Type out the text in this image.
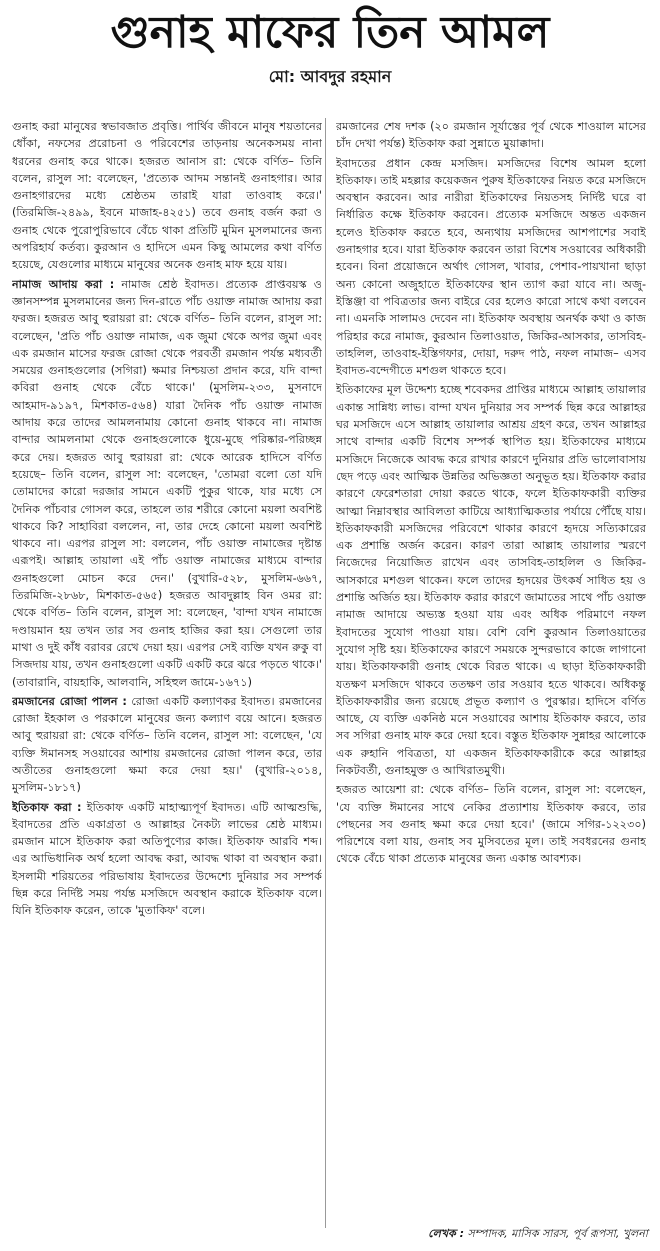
গুনাহ মাফের তিন আমল
মো: আবদুর রহমান

গুনাহ করা মানুষের স্বভাবজাত প্রবৃত্তি। পার্থিব জীবনে মানুষ শয়তানের ধোঁকা, নফসের প্ররোচনা ও পরিবেশের তাড়নায় অনেকসময় নানা ধরনের গুনাহ করে থাকে। হজরত আনাস রা: থেকে বর্ণিত– তিনি বলেন, রাসুল সা: বলেছেন, 'প্রত্যেক আদম সন্তানই গুনাহগার। আর গুনাহগারদের মধ্যে শ্রেষ্ঠতম তারাই যারা তাওবাহ করে।' (তিরমিজি-২৪৯৯, ইবনে মাজাহ-৪২৫১) তবে গুনাহ বর্জন করা ও গুনাহ থেকে পুরোপুরিভাবে বেঁচে থাকা প্রতিটি মুমিন মুসলমানের জন্য অপরিহার্য কর্তব্য। কুরআন ও হাদিসে এমন কিছু আমলের কথা বর্ণিত হয়েছে, যেগুলোর মাধ্যমে মানুষের অনেক গুনাহ মাফ হয়ে যায়।

নামাজ আদায় করা : নামাজ শ্রেষ্ঠ ইবাদত। প্রত্যেক প্রাপ্তবয়স্ক ও জ্ঞানসম্পন্ন মুসলমানের জন্য দিন-রাতে পাঁচ ওয়াক্ত নামাজ আদায় করা ফরজ। হজরত আবু হুরায়রা রা: থেকে বর্ণিত– তিনি বলেন, রাসুল সা: বলেছেন, 'প্রতি পাঁচ ওয়াক্ত নামাজ, এক জুমা থেকে অপর জুমা এবং এক রমজান মাসের ফরজ রোজা থেকে পরবর্তী রমজান পর্যন্ত মধ্যবর্তী সময়ের গুনাহগুলোর (সগিরা) ক্ষমার নিশ্চয়তা প্রদান করে, যদি বান্দা কবিরা গুনাহ থেকে বেঁচে থাকে।' (মুসলিম-২৩৩, মুসনাদে আহমাদ-৯১৯৭, মিশকাত-৫৬৪) যারা দৈনিক পাঁচ ওয়াক্ত নামাজ আদায় করে তাদের আমলনামায় কোনো গুনাহ থাকবে না। নামাজ বান্দার আমলনামা থেকে গুনাহগুলোকে ধুয়ে-মুছে পরিষ্কার-পরিচ্ছন্ন করে দেয়। হজরত আবু হুরায়রা রা: থেকে আরেক হাদিসে বর্ণিত হয়েছে– তিনি বলেন, রাসুল সা: বলেছেন, 'তোমরা বলো তো যদি তোমাদের কারো দরজার সামনে একটি পুকুর থাকে, যার মধ্যে সে দৈনিক পাঁচবার গোসল করে, তাহলে তার শরীরে কোনো ময়লা অবশিষ্ট থাকবে কি? সাহাবিরা বললেন, না, তার দেহে কোনো ময়লা অবশিষ্ট থাকবে না। এরপর রাসুল সা: বললেন, পাঁচ ওয়াক্ত নামাজের দৃষ্টান্ত এরূপই। আল্লাহ তায়ালা এই পাঁচ ওয়াক্ত নামাজের মাধ্যমে বান্দার গুনাহগুলো মোচন করে দেন।' (বুখারি-৫২৮, মুসলিম-৬৬৭, তিরমিজি-২৮৬৮, মিশকাত-৫৬৫) হজরত আবদুল্লাহ বিন ওমর রা: থেকে বর্ণিত– তিনি বলেন, রাসুল সা: বলেছেন, 'বান্দা যখন নামাজে দণ্ডায়মান হয় তখন তার সব গুনাহ হাজির করা হয়। সেগুলো তার মাথা ও দুই কাঁধ বরাবর রেখে দেয়া হয়। এরপর সেই ব্যক্তি যখন রুকু বা সিজদায় যায়, তখন গুনাহগুলো একটি একটি করে ঝরে পড়তে থাকে।' (তাবারানি, বায়হাকি, আলবানি, সহিহুল জামে-১৬৭১)

রমজানের রোজা পালন : রোজা একটি কল্যাণকর ইবাদত। রমজানের রোজা ইহকাল ও পরকালে মানুষের জন্য কল্যাণ বয়ে আনে। হজরত আবু হুরায়রা রা: থেকে বর্ণিত– তিনি বলেন, রাসুল সা: বলেছেন, 'যে ব্যক্তি ঈমানসহ সওয়াবের আশায় রমজানের রোজা পালন করে, তার অতীতের গুনাহগুলো ক্ষমা করে দেয়া হয়।' (বুখারি-২০১৪, মুসলিম-১৮১৭)

ইতিকাফ করা : ইতিকাফ একটি মাহাত্ম্যপূর্ণ ইবাদত। এটি আত্মশুদ্ধি, ইবাদতের প্রতি একাগ্রতা ও আল্লাহর নৈকট্য লাভের শ্রেষ্ঠ মাধ্যম। রমজান মাসে ইতিকাফ করা অতিপুণ্যের কাজ। ইতিকাফ আরবি শব্দ। এর আভিধানিক অর্থ হলো আবদ্ধ করা, আবদ্ধ থাকা বা অবস্থান করা। ইসলামী শরিয়তের পরিভাষায় ইবাদতের উদ্দেশ্যে দুনিয়ার সব সম্পর্ক ছিন্ন করে নির্দিষ্ট সময় পর্যন্ত মসজিদে অবস্থান করাকে ইতিকাফ বলে। যিনি ইতিকাফ করেন, তাকে 'মুতাকিফ' বলে।

রমজানের শেষ দশক (২০ রমজান সূর্যাস্তের পূর্ব থেকে শাওয়াল মাসের চাঁদ দেখা পর্যন্ত) ইতিকাফ করা সুন্নাতে মুয়াক্কাদা।

ইবাদতের প্রধান কেন্দ্র মসজিদ। মসজিদের বিশেষ আমল হলো ইতিকাফ। তাই মহল্লার কয়েকজন পুরুষ ইতিকাফের নিয়ত করে মসজিদে অবস্থান করবেন। আর নারীরা ইতিকাফের নিয়তসহ নির্দিষ্ট ঘরে বা নির্ধারিত কক্ষে ইতিকাফ করবেন। প্রত্যেক মসজিদে অন্তত একজন হলেও ইতিকাফ করতে হবে, অন্যথায় মসজিদের আশপাশের সবাই গুনাহগার হবে। যারা ইতিকাফ করবেন তারা বিশেষ সওয়াবের অধিকারী হবেন। বিনা প্রয়োজনে অর্থাৎ গোসল, খাবার, পেশাব-পায়খানা ছাড়া অন্য কোনো অজুহাতে ইতিকাফের স্থান ত্যাগ করা যাবে না। অজু-ইস্তিঞ্জা বা পবিত্রতার জন্য বাইরে বের হলেও কারো সাথে কথা বলবেন না। এমনকি সালামও দেবেন না। ইতিকাফ অবস্থায় অনর্থক কথা ও কাজ পরিহার করে নামাজ, কুরআন তিলাওয়াত, জিকির-আসকার, তাসবিহ-তাহলিল, তাওবাহ-ইস্তিগফার, দোয়া, দরুদ পাঠ, নফল নামাজ– এসব ইবাদত-বন্দেগীতে মশগুল থাকতে হবে।

ইতিকাফের মূল উদ্দেশ্য হচ্ছে শবেকদর প্রাপ্তির মাধ্যমে আল্লাহ তায়ালার একান্ত সান্নিধ্য লাভ। বান্দা যখন দুনিয়ার সব সম্পর্ক ছিন্ন করে আল্লাহর ঘর মসজিদে এসে আল্লাহ তায়ালার আশ্রয় গ্রহণ করে, তখন আল্লাহর সাথে বান্দার একটি বিশেষ সম্পর্ক স্থাপিত হয়। ইতিকাফের মাধ্যমে মসজিদে নিজেকে আবদ্ধ করে রাখার কারণে দুনিয়ার প্রতি ভালোবাসায় ছেদ পড়ে এবং আত্মিক উন্নতির অভিজ্ঞতা অনুভূত হয়। ইতিকাফ করার কারণে ফেরেশতারা দোয়া করতে থাকে, ফলে ইতিকাফকারী ব্যক্তির আত্মা নিম্নাবস্থার আবিলতা কাটিয়ে আধ্যাত্মিকতার পর্যায়ে পৌঁছে যায়। ইতিকাফকারী মসজিদের পরিবেশে থাকার কারণে হৃদয়ে সত্যিকারের এক প্রশান্তি অর্জন করেন। কারণ তারা আল্লাহ তায়ালার স্মরণে নিজেদের নিয়োজিত রাখেন এবং তাসবিহ-তাহলিল ও জিকির-আসকারে মশগুল থাকেন। ফলে তাদের হৃদয়ের উৎকর্ষ সাধিত হয় ও প্রশান্তি অর্জিত হয়। ইতিকাফ করার কারণে জামাতের সাথে পাঁচ ওয়াক্ত নামাজ আদায়ে অভ্যস্ত হওয়া যায় এবং অধিক পরিমাণে নফল ইবাদতের সুযোগ পাওয়া যায়। বেশি বেশি কুরআন তিলাওয়াতের সুযোগ সৃষ্টি হয়। ইতিকাফের কারণে সময়কে সুন্দরভাবে কাজে লাগানো যায়। ইতিকাফকারী গুনাহ থেকে বিরত থাকে। এ ছাড়া ইতিকাফকারী যতক্ষণ মসজিদে থাকবে ততক্ষণ তার সওয়াব হতে থাকবে। অধিকন্তু ইতিকাফকারীর জন্য রয়েছে প্রভূত কল্যাণ ও পুরস্কার। হাদিসে বর্ণিত আছে, যে ব্যক্তি একনিষ্ঠ মনে সওয়াবের আশায় ইতিকাফ করবে, তার সব সগিরা গুনাহ মাফ করে দেয়া হবে। বস্তুত ইতিকাফ সুন্নাহর আলোকে এক রুহানি পবিত্রতা, যা একজন ইতিকাফকারীকে করে আল্লাহর নিকটবর্তী, গুনাহমুক্ত ও আখিরাতমুখী।

হজরত আয়েশা রা: থেকে বর্ণিত– তিনি বলেন, রাসুল সা: বলেছেন, 'যে ব্যক্তি ঈমানের সাথে নেকির প্রত্যাশায় ইতিকাফ করবে, তার পেছনের সব গুনাহ ক্ষমা করে দেয়া হবে।' (জামে সগির-১২২৩০) পরিশেষে বলা যায়, গুনাহ সব মুসিবতের মূল। তাই সবধরনের গুনাহ থেকে বেঁচে থাকা প্রত্যেক মানুষের জন্য একান্ত আবশ্যক।

লেখক : সম্পাদক, মাসিক সারস, পূর্ব রূপসা, খুলনা
